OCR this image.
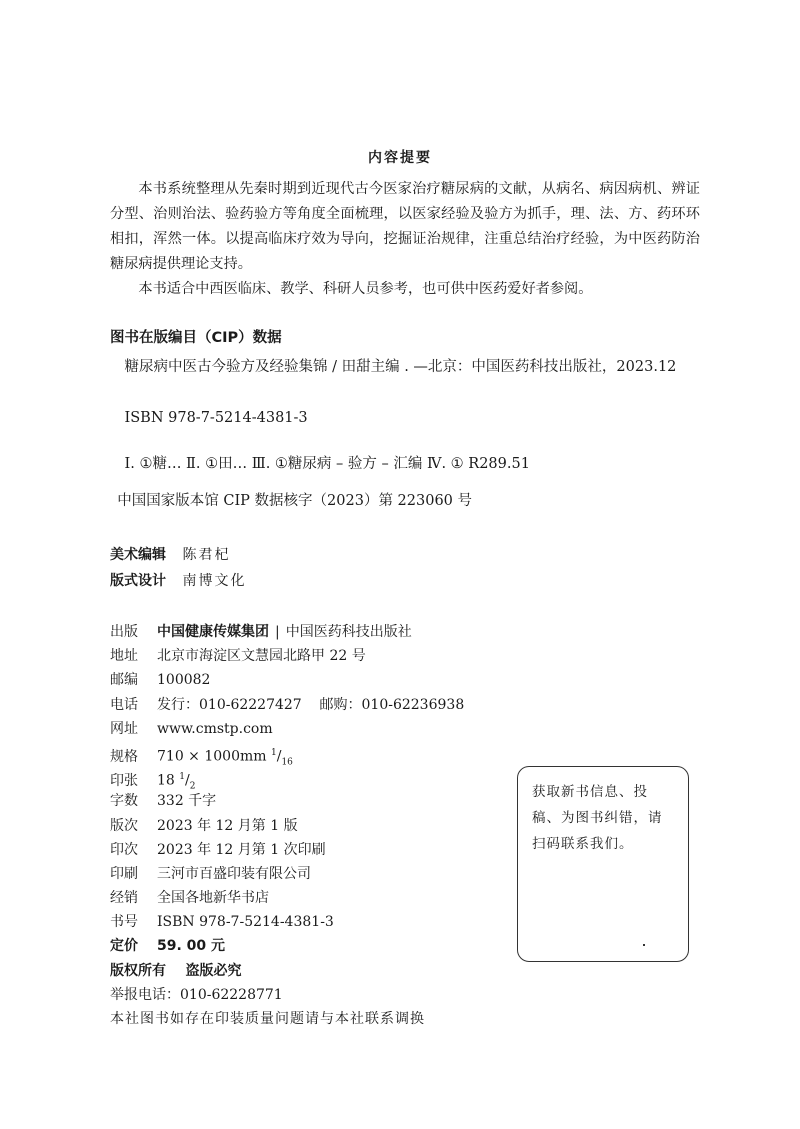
内容提要

本书系统整理从先秦时期到近现代古今医家治疗糖尿病的文献，从病名、病因病机、辨证分型、治则治法、验药验方等角度全面梳理，以医家经验及验方为抓手，理、法、方、药环环相扣，浑然一体。以提高临床疗效为导向，挖掘证治规律，注重总结治疗经验，为中医药防治糖尿病提供理论支持。

本书适合中西医临床、教学、科研人员参考，也可供中医药爱好者参阅。

图书在版编目（CIP）数据
糖尿病中医古今验方及经验集锦 / 田甜主编 . —北京：中国医药科技出版社，2023.12
ISBN 978-7-5214-4381-3
Ⅰ. ①糖… Ⅱ. ①田… Ⅲ. ①糖尿病 – 验方 – 汇编 Ⅳ. ① R289.51
中国国家版本馆 CIP 数据核字（2023）第 223060 号
美术编辑 陈君杞
版式设计 南博文化
出版 中国健康传媒集团 | 中国医药科技出版社
地址 北京市海淀区文慧园北路甲 22 号
邮编 100082
电话 发行：010-62227427    邮购：010-62236938
网址 www.cmstp.com
规格 710 × 1000mm $^1/_{16}$
印张 18 $^1/_2$
字数 332 千字
版次 2023 年 12 月第 1 版
印次 2023 年 12 月第 1 次印刷
印刷 三河市百盛印装有限公司
经销 全国各地新华书店
书号 ISBN 978-7-5214-4381-3
定价 59. 00 元
版权所有    盗版必究
举报电话：010-62228771
本社图书如存在印装质量问题请与本社联系调换
获取新书信息、投稿、为图书纠错，请扫码联系我们。
